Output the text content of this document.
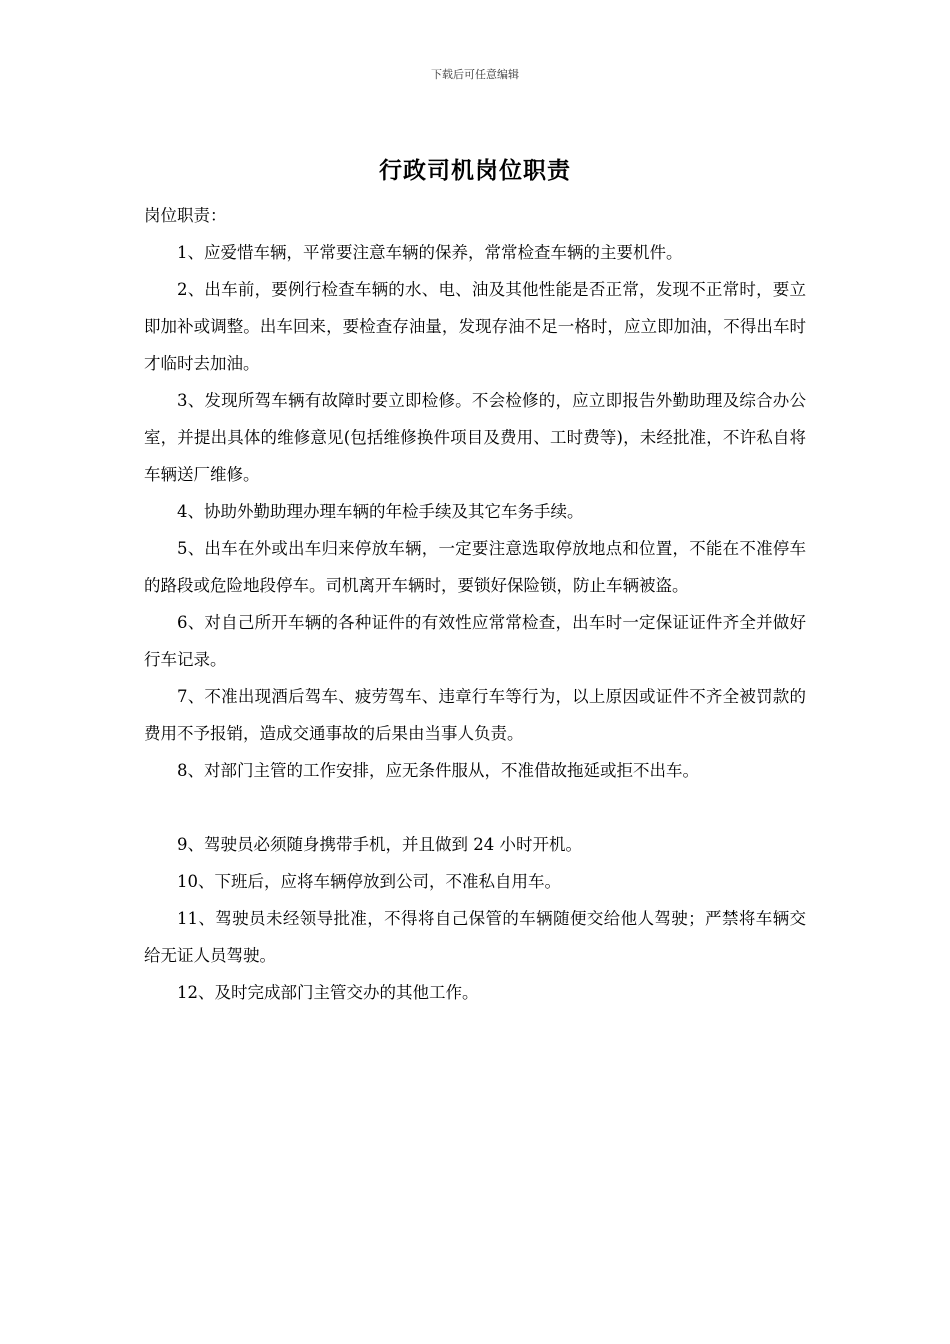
下载后可任意编辑
行政司机岗位职责

岗位职责：

1、应爱惜车辆，平常要注意车辆的保养，常常检查车辆的主要机件。

2、出车前，要例行检查车辆的水、电、油及其他性能是否正常，发现不正常时，要立即加补或调整。出车回来，要检查存油量，发现存油不足一格时，应立即加油，不得出车时才临时去加油。

3、发现所驾车辆有故障时要立即检修。不会检修的，应立即报告外勤助理及综合办公室，并提出具体的维修意见(包括维修换件项目及费用、工时费等)，未经批准，不许私自将车辆送厂维修。

4、协助外勤助理办理车辆的年检手续及其它车务手续。

5、出车在外或出车归来停放车辆，一定要注意选取停放地点和位置，不能在不准停车的路段或危险地段停车。司机离开车辆时，要锁好保险锁，防止车辆被盗。

6、对自己所开车辆的各种证件的有效性应常常检查，出车时一定保证证件齐全并做好行车记录。

7、不准出现酒后驾车、疲劳驾车、违章行车等行为，以上原因或证件不齐全被罚款的费用不予报销，造成交通事故的后果由当事人负责。

8、对部门主管的工作安排，应无条件服从，不准借故拖延或拒不出车。

9、驾驶员必须随身携带手机，并且做到 24 小时开机。

10、下班后，应将车辆停放到公司，不准私自用车。

11、驾驶员未经领导批准，不得将自己保管的车辆随便交给他人驾驶；严禁将车辆交给无证人员驾驶。

12、及时完成部门主管交办的其他工作。
